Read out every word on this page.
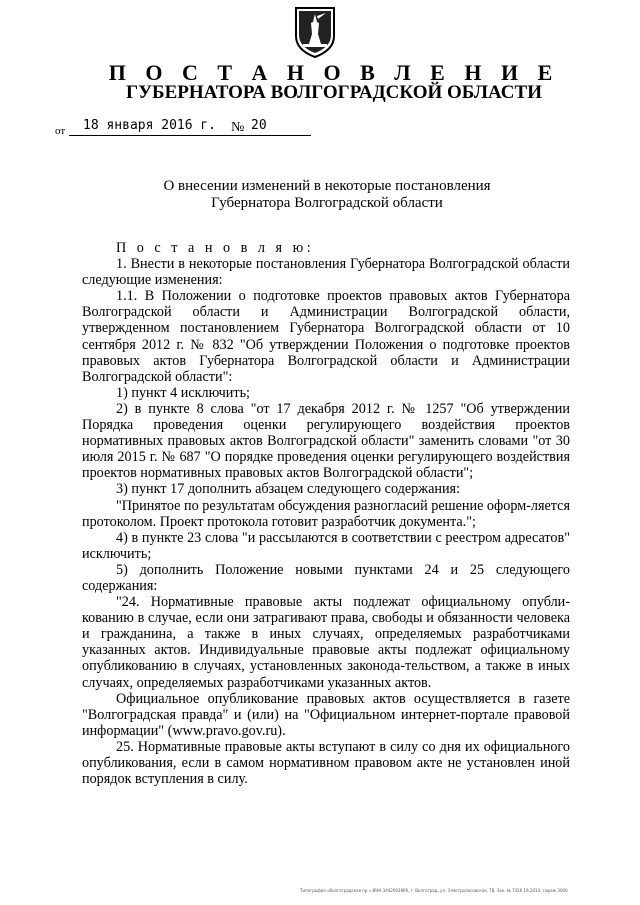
П О С Т А Н О В Л Е Н И Е
ГУБЕРНАТОРА ВОЛГОГРАДСКОЙ ОБЛАСТИ
от	18 января 2016 г.	№ 20
О внесении изменений в некоторые постановления
Губернатора Волгоградской области

П о с т а н о в л я ю:

1. Внести в некоторые постановления Губернатора Волгоградской области следующие изменения:

1.1. В Положении о подготовке проектов правовых актов Губернатора Волгоградской области и Администрации Волгоградской области, утвержденном постановлением Губернатора Волгоградской области от 10 сентября 2012 г. № 832 "Об утверждении Положения о подготовке проектов правовых актов Губернатора Волгоградской области и Администрации Волгоградской области":

1) пункт 4 исключить;

2) в пункте 8 слова "от 17 декабря 2012 г. № 1257 "Об утверждении Порядка проведения оценки регулирующего воздействия проектов нормативных правовых актов Волгоградской области" заменить словами "от 30 июля 2015 г. № 687 "О порядке проведения оценки регулирующего воздействия проектов нормативных правовых актов Волгоградской области";

3) пункт 17 дополнить абзацем следующего содержания:

"Принятое по результатам обсуждения разногласий решение оформ-ляется протоколом. Проект протокола готовит разработчик документа.";

4) в пункте 23 слова "и рассылаются в соответствии с реестром адресатов" исключить;

5) дополнить Положение новыми пунктами 24 и 25 следующего содержания:

"24. Нормативные правовые акты подлежат официальному опубли-кованию в случае, если они затрагивают права, свободы и обязанности человека и гражданина, а также в иных случаях, определяемых разработчиками указанных актов. Индивидуальные правовые акты подлежат официальному опубликованию в случаях, установленных законода-тельством, а также в иных случаях, определяемых разработчиками указанных актов.

Официальное опубликование правовых актов осуществляется в газете "Волгоградская правда" и (или) на "Официальном интернет-портале правовой информации" (www.pravo.gov.ru).

25. Нормативные правовые акты вступают в силу со дня их официального опубликования, если в самом нормативном правовом акте не установлен иной порядок вступления в силу.

Типография «Волгоградская пр.» ИНН 3442093896, г. Волгоград, ул. Электролесовская, 78, Зак. № 7326 19.2014, тираж 3000
